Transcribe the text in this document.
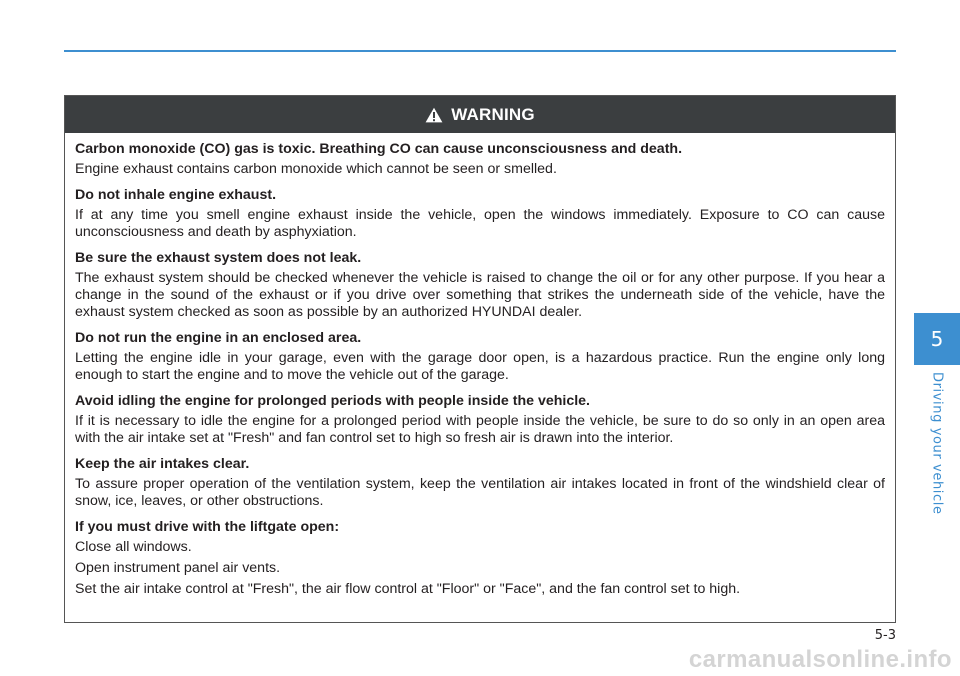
WARNING
Carbon monoxide (CO) gas is toxic. Breathing CO can cause unconsciousness and death.
Engine exhaust contains carbon monoxide which cannot be seen or smelled.
Do not inhale engine exhaust.
If at any time you smell engine exhaust inside the vehicle, open the windows immediately. Exposure to CO can cause unconsciousness and death by asphyxiation.
Be sure the exhaust system does not leak.
The exhaust system should be checked whenever the vehicle is raised to change the oil or for any other purpose. If you hear a change in the sound of the exhaust or if you drive over something that strikes the underneath side of the vehicle, have the exhaust system checked as soon as possible by an authorized HYUNDAI dealer.
Do not run the engine in an enclosed area.
Letting the engine idle in your garage, even with the garage door open, is a hazardous practice. Run the engine only long enough to start the engine and to move the vehicle out of the garage.
Avoid idling the engine for prolonged periods with people inside the vehicle.
If it is necessary to idle the engine for a prolonged period with people inside the vehicle, be sure to do so only in an open area with the air intake set at "Fresh" and fan control set to high so fresh air is drawn into the interior.
Keep the air intakes clear.
To assure proper operation of the ventilation system, keep the ventilation air intakes located in front of the windshield clear of snow, ice, leaves, or other obstructions.
If you must drive with the liftgate open:
Close all windows.
Open instrument panel air vents.
Set the air intake control at "Fresh", the air flow control at "Floor" or "Face", and the fan control set to high.
5
Driving your vehicle
5-3
carmanualsonline.info
